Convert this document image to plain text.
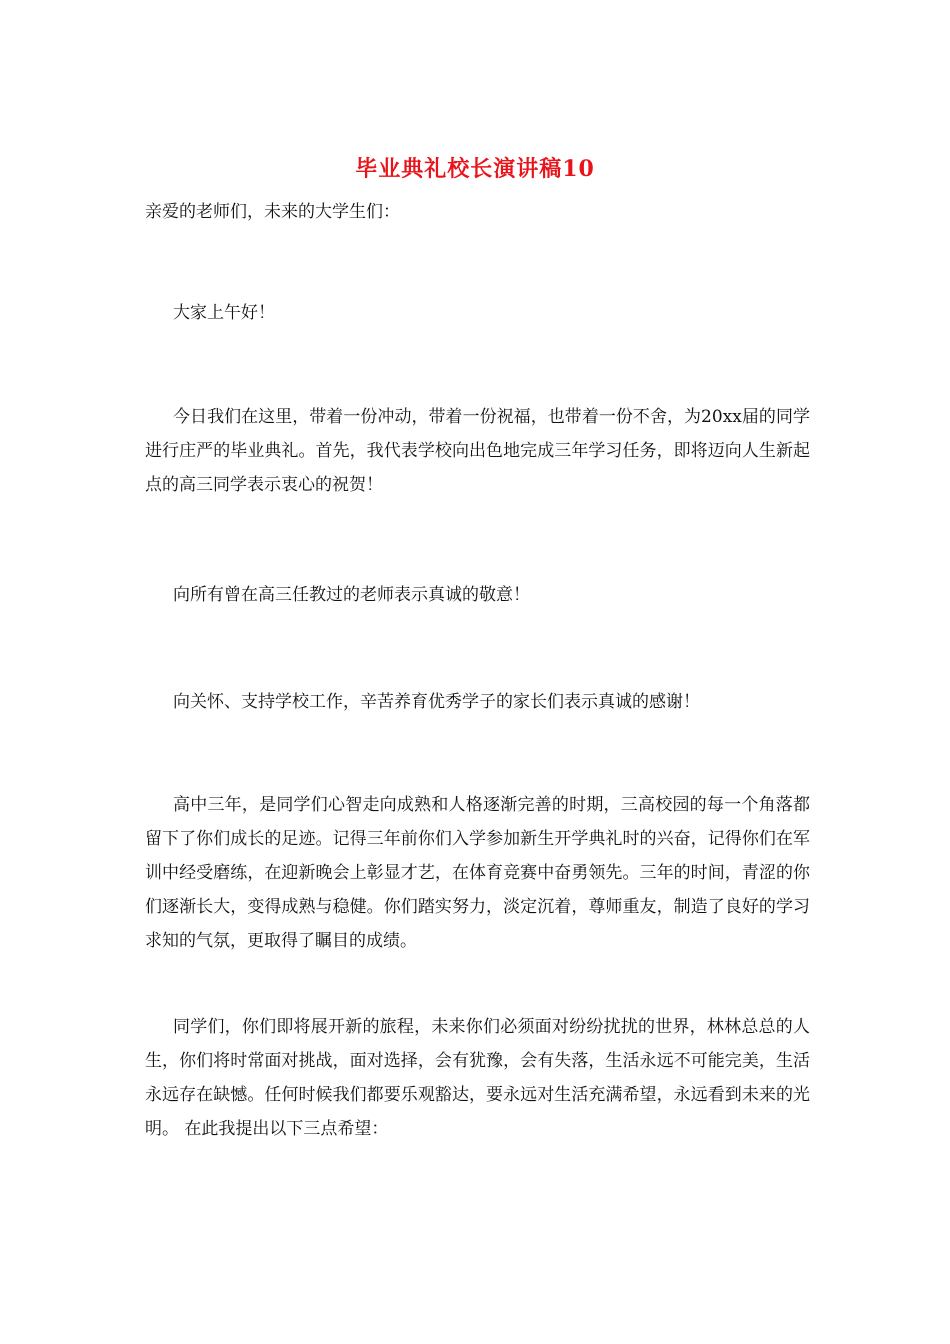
毕业典礼校长演讲稿10
亲爱的老师们，未来的大学生们：

大家上午好！

今日我们在这里，带着一份冲动，带着一份祝福，也带着一份不舍，为20xx届的同学进行庄严的毕业典礼。首先，我代表学校向出色地完成三年学习任务，即将迈向人生新起点的高三同学表示衷心的祝贺！

向所有曾在高三任教过的老师表示真诚的敬意！

向关怀、支持学校工作，辛苦养育优秀学子的家长们表示真诚的感谢！

高中三年，是同学们心智走向成熟和人格逐渐完善的时期，三高校园的每一个角落都留下了你们成长的足迹。记得三年前你们入学参加新生开学典礼时的兴奋，记得你们在军训中经受磨练，在迎新晚会上彰显才艺，在体育竞赛中奋勇领先。三年的时间，青涩的你们逐渐长大，变得成熟与稳健。你们踏实努力，淡定沉着，尊师重友，制造了良好的学习求知的气氛，更取得了瞩目的成绩。

同学们，你们即将展开新的旅程，未来你们必须面对纷纷扰扰的世界，林林总总的人生，你们将时常面对挑战，面对选择，会有犹豫，会有失落，生活永远不可能完美，生活永远存在缺憾。任何时候我们都要乐观豁达，要永远对生活充满希望，永远看到未来的光明。 在此我提出以下三点希望：
